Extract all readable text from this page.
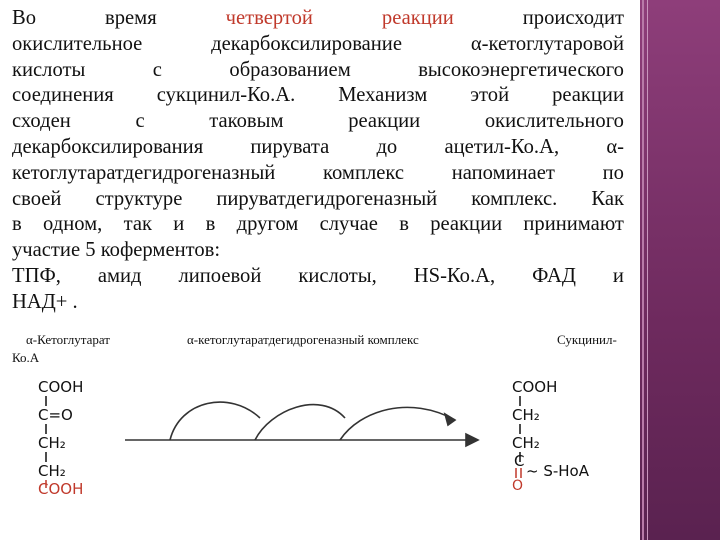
Во	время	четвертой	реакции	происходит
окислительное	декарбоксилирование	α-кетоглутаровой
кислоты	с	образованием	высокоэнергетического
соединения сукцинил-Ко.А. Механизм этой реакции
сходен	с	таковым	реакции	окислительного
декарбоксилирования пирувата до ацетил-Ко.А, α-
кетоглутаратдегидрогеназный комплекс напоминает по
своей структуре пируватдегидрогеназный комплекс. Как
в одном, так и в другом случае в реакции принимают
участие 5 коферментов:
ТПФ, амид липоевой кислоты, HS-Ко.А, ФАД и
НАД+ .
α-Кетоглутарат	α-кетоглутаратдегидрогеназный комплекс	Сукцинил-
Ко.А
COOH
C=O
CH₂
CH₂
COOH
COOH
CH₂
CH₂
C
~ S-HoA
O
